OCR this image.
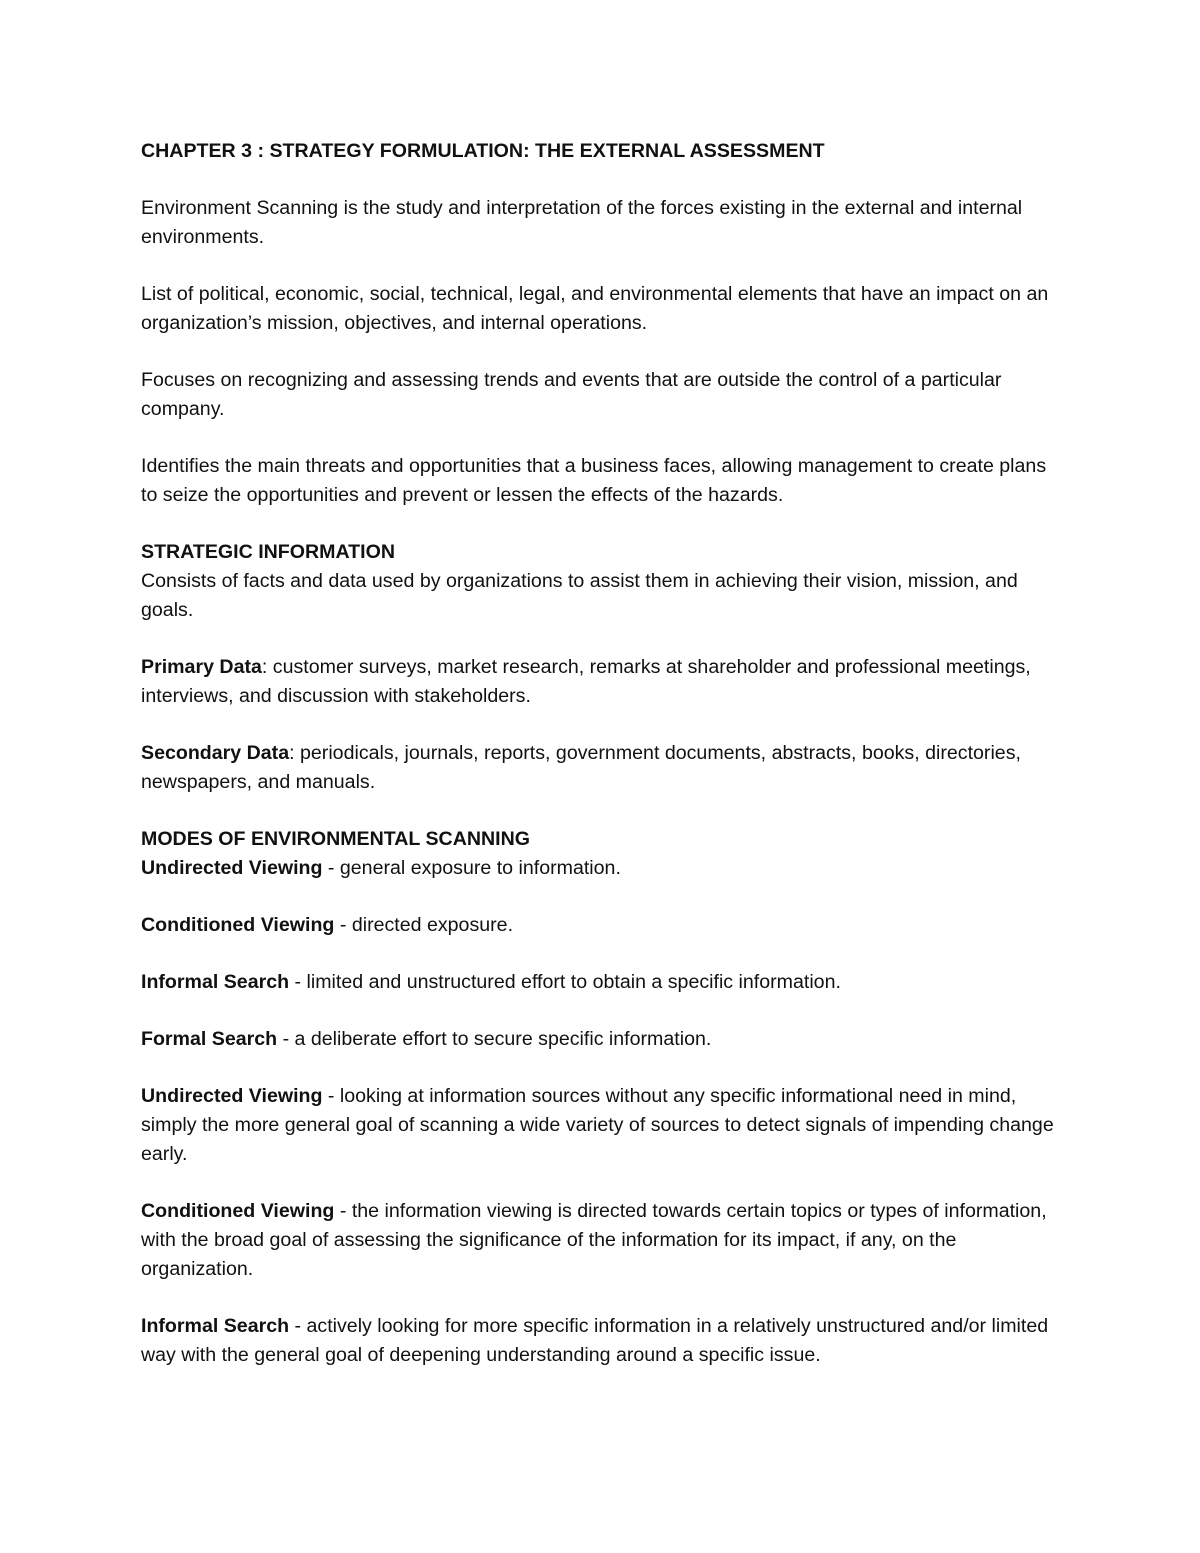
CHAPTER 3 : STRATEGY FORMULATION: THE EXTERNAL ASSESSMENT

Environment Scanning is the study and interpretation of the forces existing in the external and internal environments.

List of political, economic, social, technical, legal, and environmental elements that have an impact on an organization’s mission, objectives, and internal operations.

Focuses on recognizing and assessing trends and events that are outside the control of a particular company.

Identifies the main threats and opportunities that a business faces, allowing management to create plans to seize the opportunities and prevent or lessen the effects of the hazards.

STRATEGIC INFORMATION

Consists of facts and data used by organizations to assist them in achieving their vision, mission, and goals.

Primary Data: customer surveys, market research, remarks at shareholder and professional meetings, interviews, and discussion with stakeholders.

Secondary Data: periodicals, journals, reports, government documents, abstracts, books, directories, newspapers, and manuals.

MODES OF ENVIRONMENTAL SCANNING

Undirected Viewing - general exposure to information.

Conditioned Viewing - directed exposure.

Informal Search - limited and unstructured effort to obtain a specific information.

Formal Search - a deliberate effort to secure specific information.

Undirected Viewing - looking at information sources without any specific informational need in mind, simply the more general goal of scanning a wide variety of sources to detect signals of impending change early.

Conditioned Viewing - the information viewing is directed towards certain topics or types of information, with the broad goal of assessing the significance of the information for its impact, if any, on the organization.

Informal Search - actively looking for more specific information in a relatively unstructured and/or limited way with the general goal of deepening understanding around a specific issue.
